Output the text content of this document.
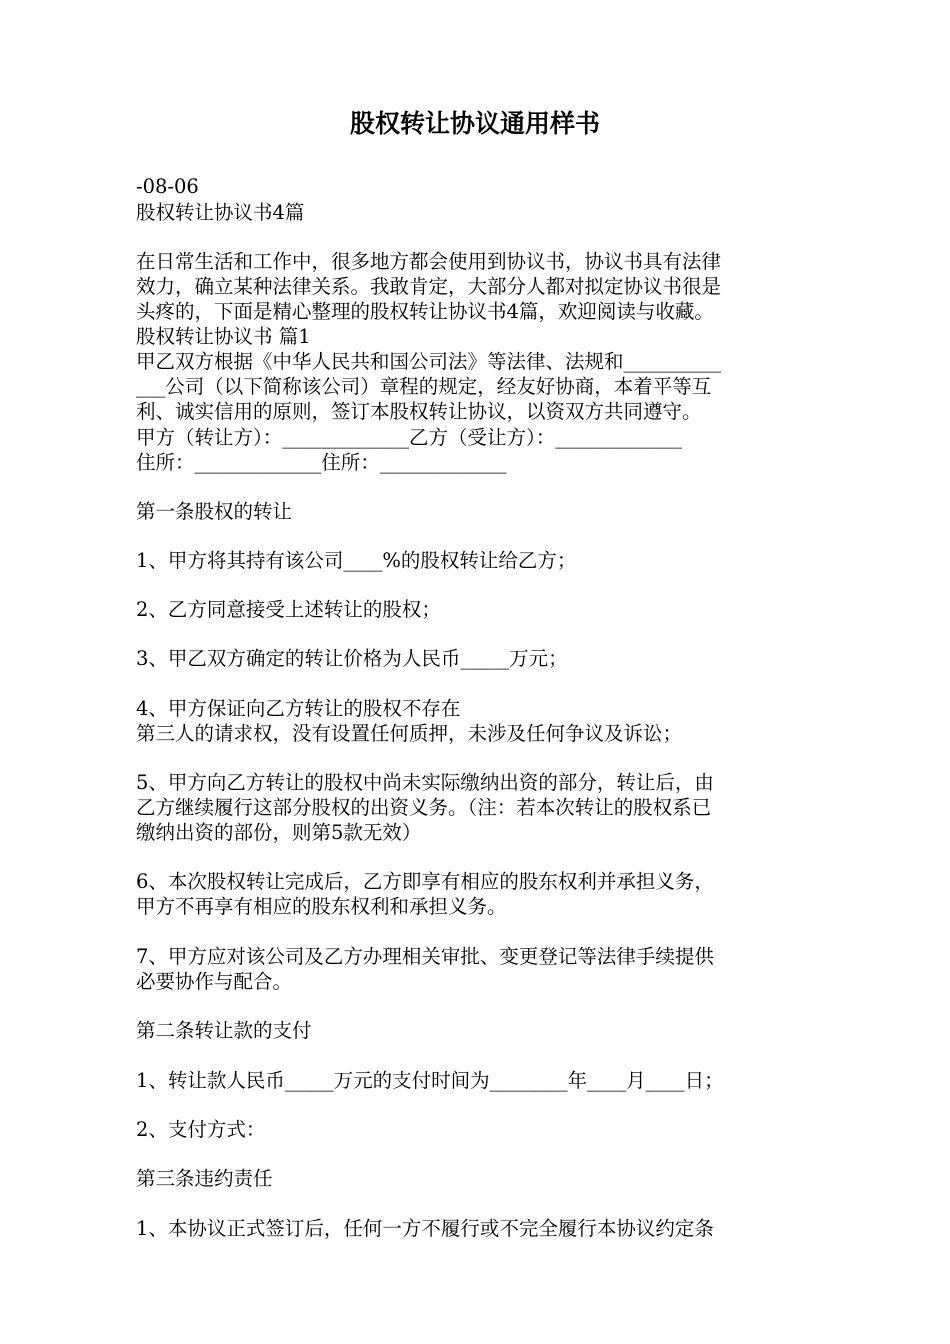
股权转让协议通用样书
-08-06
股权转让协议书4篇
在日常生活和工作中，很多地方都会使用到协议书，协议书具有法律
效力，确立某种法律关系。我敢肯定，大部分人都对拟定协议书很是
头疼的，下面是精心整理的股权转让协议书4篇，欢迎阅读与收藏。
股权转让协议书 篇1
甲乙双方根据《中华人民共和国公司法》等法律、法规和__________
___公司（以下简称该公司）章程的规定，经友好协商，本着平等互
利、诚实信用的原则，签订本股权转让协议，以资双方共同遵守。
甲方（转让方）：_____________乙方（受让方）：_____________
住所：_____________住所：_____________
第一条股权的转让
1、甲方将其持有该公司____%的股权转让给乙方；
2、乙方同意接受上述转让的股权；
3、甲乙双方确定的转让价格为人民币_____万元；
4、甲方保证向乙方转让的股权不存在
第三人的请求权，没有设置任何质押，未涉及任何争议及诉讼；
5、甲方向乙方转让的股权中尚未实际缴纳出资的部分，转让后，由
乙方继续履行这部分股权的出资义务。（注：若本次转让的股权系已
缴纳出资的部份，则第5款无效）
6、本次股权转让完成后，乙方即享有相应的股东权利并承担义务，
甲方不再享有相应的股东权利和承担义务。
7、甲方应对该公司及乙方办理相关审批、变更登记等法律手续提供
必要协作与配合。
第二条转让款的支付
1、转让款人民币_____万元的支付时间为________年____月____日；
2、支付方式：
第三条违约责任
1、本协议正式签订后，任何一方不履行或不完全履行本协议约定条
